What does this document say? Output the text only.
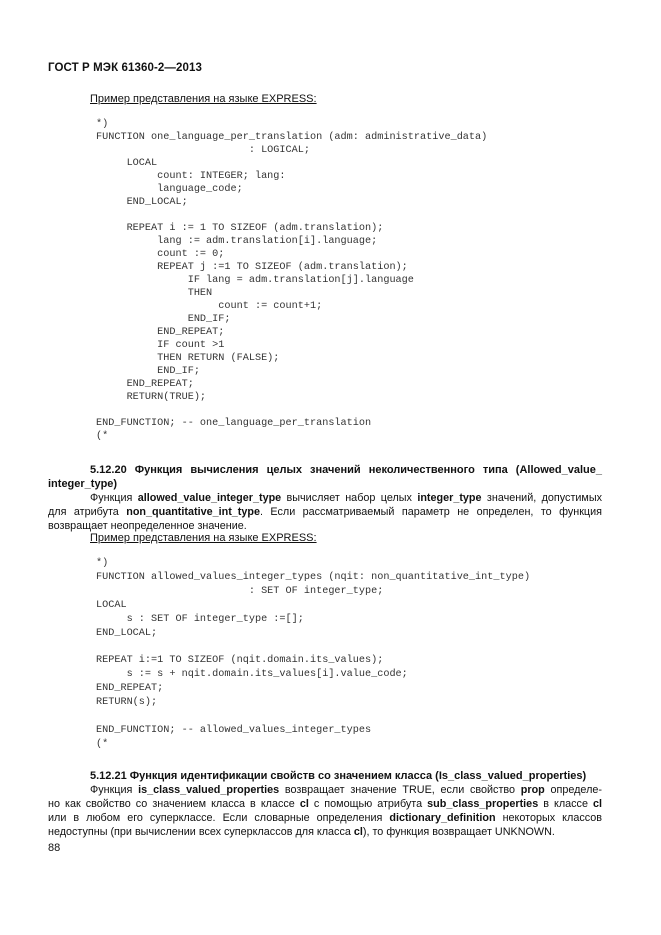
ГОСТ Р МЭК 61360-2—2013
Пример представления на языке EXPRESS:
*)
FUNCTION one_language_per_translation (adm: administrative_data)
: LOGICAL;
LOCAL
count: INTEGER; lang:
language_code;
END_LOCAL;

REPEAT i := 1 TO SIZEOF (adm.translation);
lang := adm.translation[i].language;
count := 0;
REPEAT j :=1 TO SIZEOF (adm.translation);
IF lang = adm.translation[j].language
THEN
count := count+1;
END_IF;
END_REPEAT;
IF count >1
THEN RETURN (FALSE);
END_IF;
END_REPEAT;
RETURN(TRUE);

END_FUNCTION; -- one_language_per_translation
(*
5.12.20 Функция вычисления целых значений неколичественного типа (Allowed_value_
integer_type)
Функция allowed_value_integer_type вычисляет набор целых integer_type значений, допустимых
для атрибута non_quantitative_int_type. Если рассматриваемый параметр не определен, то функция
возвращает неопределенное значение.
Пример представления на языке EXPRESS:
*)
FUNCTION allowed_values_integer_types (nqit: non_quantitative_int_type)
: SET OF integer_type;
LOCAL
s : SET OF integer_type :=[];
END_LOCAL;

REPEAT i:=1 TO SIZEOF (nqit.domain.its_values);
s := s + nqit.domain.its_values[i].value_code;
END_REPEAT;
RETURN(s);

END_FUNCTION; -- allowed_values_integer_types
(*
5.12.21 Функция идентификации свойств со значением класса (Is_class_valued_properties)
Функция is_class_valued_properties возвращает значение TRUE, если свойство prop определе-
но как свойство со значением класса в классе cl с помощью атрибута sub_class_properties в классе cl
или в любом его суперклассе. Если словарные определения dictionary_definition некоторых классов
недоступны (при вычислении всех суперклассов для класса cl), то функция возвращает UNKNOWN.
88
